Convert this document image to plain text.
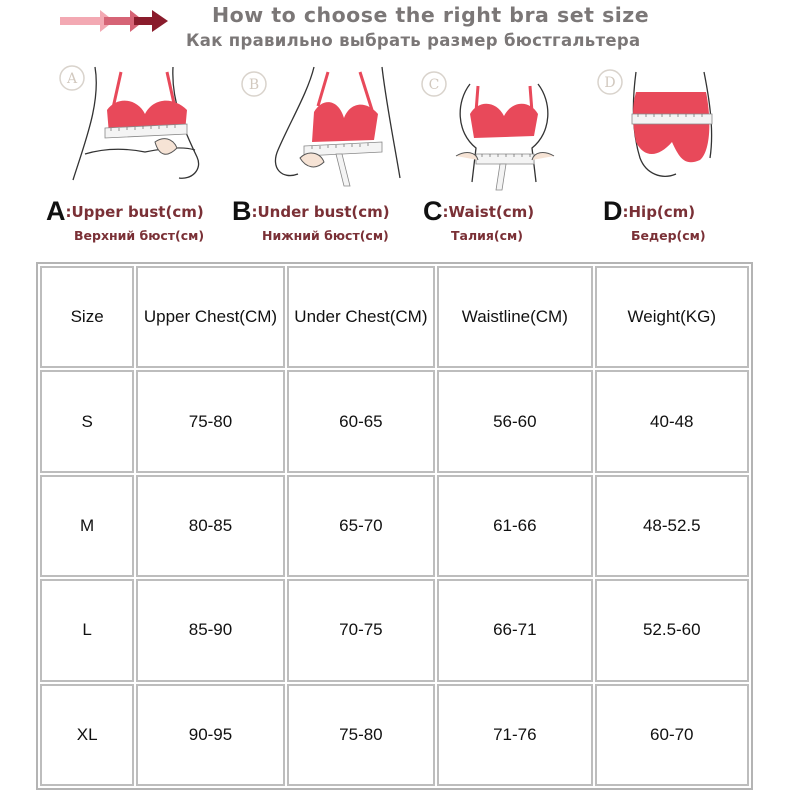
How to choose the right bra set size
Как правильно выбрать размер бюстгальтера
A
A:Upper bust(cm)
Верхний бюст(см)
B
B:Under bust(cm)
Нижний бюст(см)
C
C:Waist(cm)
Талия(см)
D
D:Hip(cm)
Бедер(см)
Size	Upper Chest(CM)	Under Chest(CM)	Waistline(CM)	Weight(KG)
S	75-80	60-65	56-60	40-48
M	80-85	65-70	61-66	48-52.5
L	85-90	70-75	66-71	52.5-60
XL	90-95	75-80	71-76	60-70
